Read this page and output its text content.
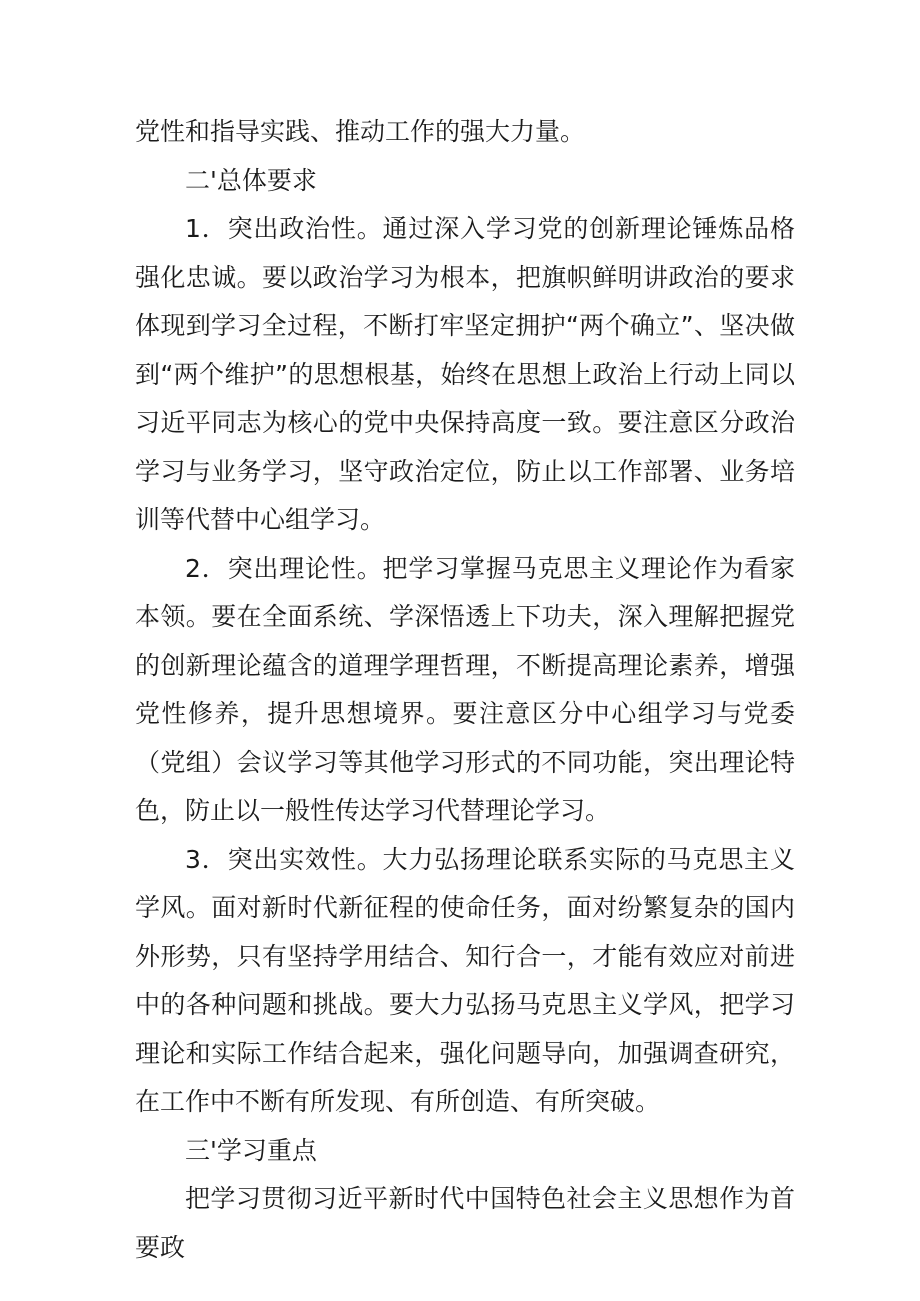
党性和指导实践、推动工作的强大力量。

二'总体要求

1．突出政治性。通过深入学习党的创新理论锤炼品格强化忠诚。要以政治学习为根本，把旗帜鲜明讲政治的要求体现到学习全过程，不断打牢坚定拥护“两个确立”、坚决做到“两个维护”的思想根基，始终在思想上政治上行动上同以习近平同志为核心的党中央保持高度一致。要注意区分政治学习与业务学习，坚守政治定位，防止以工作部署、业务培训等代替中心组学习。

2．突出理论性。把学习掌握马克思主义理论作为看家本领。要在全面系统、学深悟透上下功夫，深入理解把握党的创新理论蕴含的道理学理哲理，不断提高理论素养，增强党性修养，提升思想境界。要注意区分中心组学习与党委（党组）会议学习等其他学习形式的不同功能，突出理论特色，防止以一般性传达学习代替理论学习。

3．突出实效性。大力弘扬理论联系实际的马克思主义学风。面对新时代新征程的使命任务，面对纷繁复杂的国内外形势，只有坚持学用结合、知行合一，才能有效应对前进中的各种问题和挑战。要大力弘扬马克思主义学风，把学习理论和实际工作结合起来，强化问题导向，加强调查研究，在工作中不断有所发现、有所创造、有所突破。

三'学习重点

把学习贯彻习近平新时代中国特色社会主义思想作为首要政
